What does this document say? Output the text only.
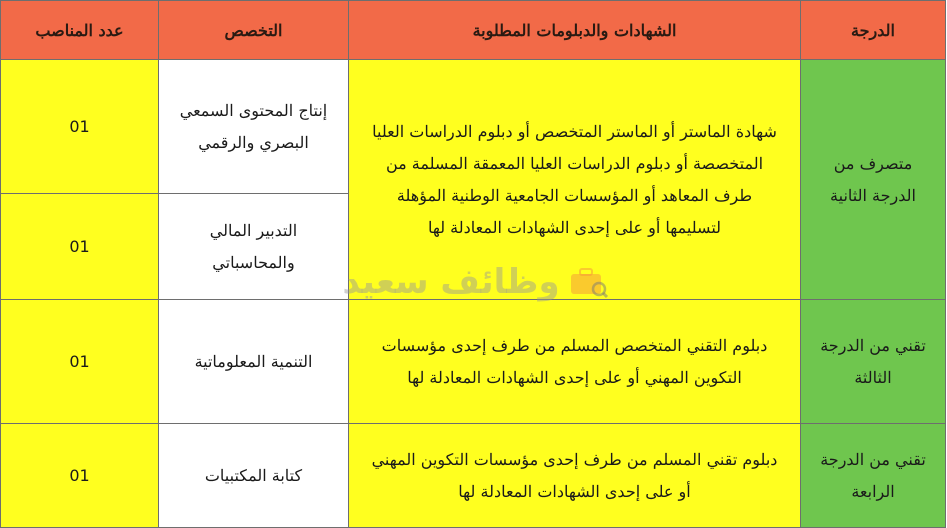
الدرجة	الشهادات والدبلومات المطلوبة	التخصص	عدد المناصب
متصرف من الدرجة الثانية	شهادة الماستر أو الماستر المتخصص أو دبلوم الدراسات العليا المتخصصة أو دبلوم الدراسات العليا المعمقة المسلمة من طرف المعاهد أو المؤسسات الجامعية الوطنية المؤهلة لتسليمها أو على إحدى الشهادات المعادلة لها	إنتاج المحتوى السمعي البصري والرقمي	01
		التدبير المالي والمحاسباتي	01
تقني من الدرجة الثالثة	دبلوم التقني المتخصص المسلم من طرف إحدى مؤسسات التكوين المهني أو على إحدى الشهادات المعادلة لها	التنمية المعلوماتية	01
تقني من الدرجة الرابعة	دبلوم تقني المسلم من طرف إحدى مؤسسات التكوين المهني أو على إحدى الشهادات المعادلة لها	كتابة المكتبيات	01
وظائف سعيد
